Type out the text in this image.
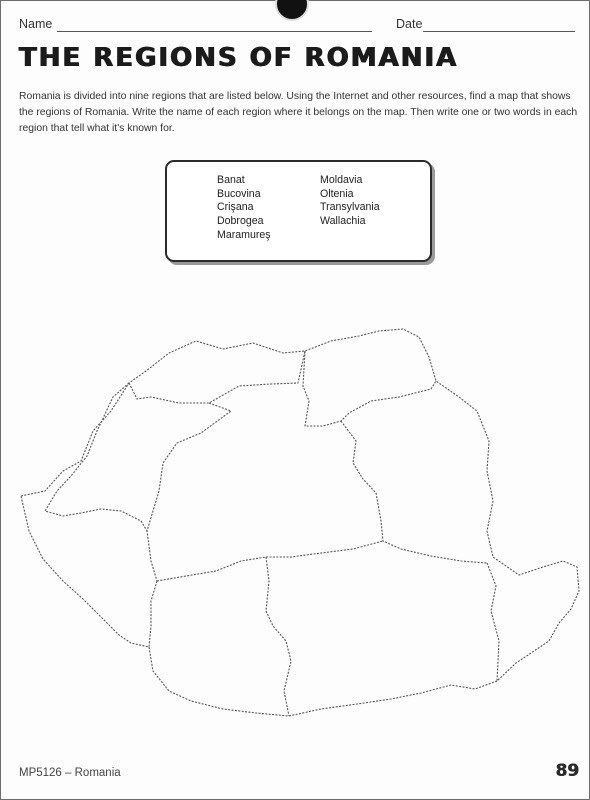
Name	Date
THE REGIONS OF ROMANIA
Romania is divided into nine regions that are listed below. Using the Internet and other resources, find a map that shows the regions of Romania. Write the name of each region where it belongs on the map. Then write one or two words in each region that tell what it's known for.
Banat
Bucovina
Crişana
Dobrogea
Maramureş
Moldavia
Oltenia
Transylvania
Wallachia
MP5126 – Romania	89
